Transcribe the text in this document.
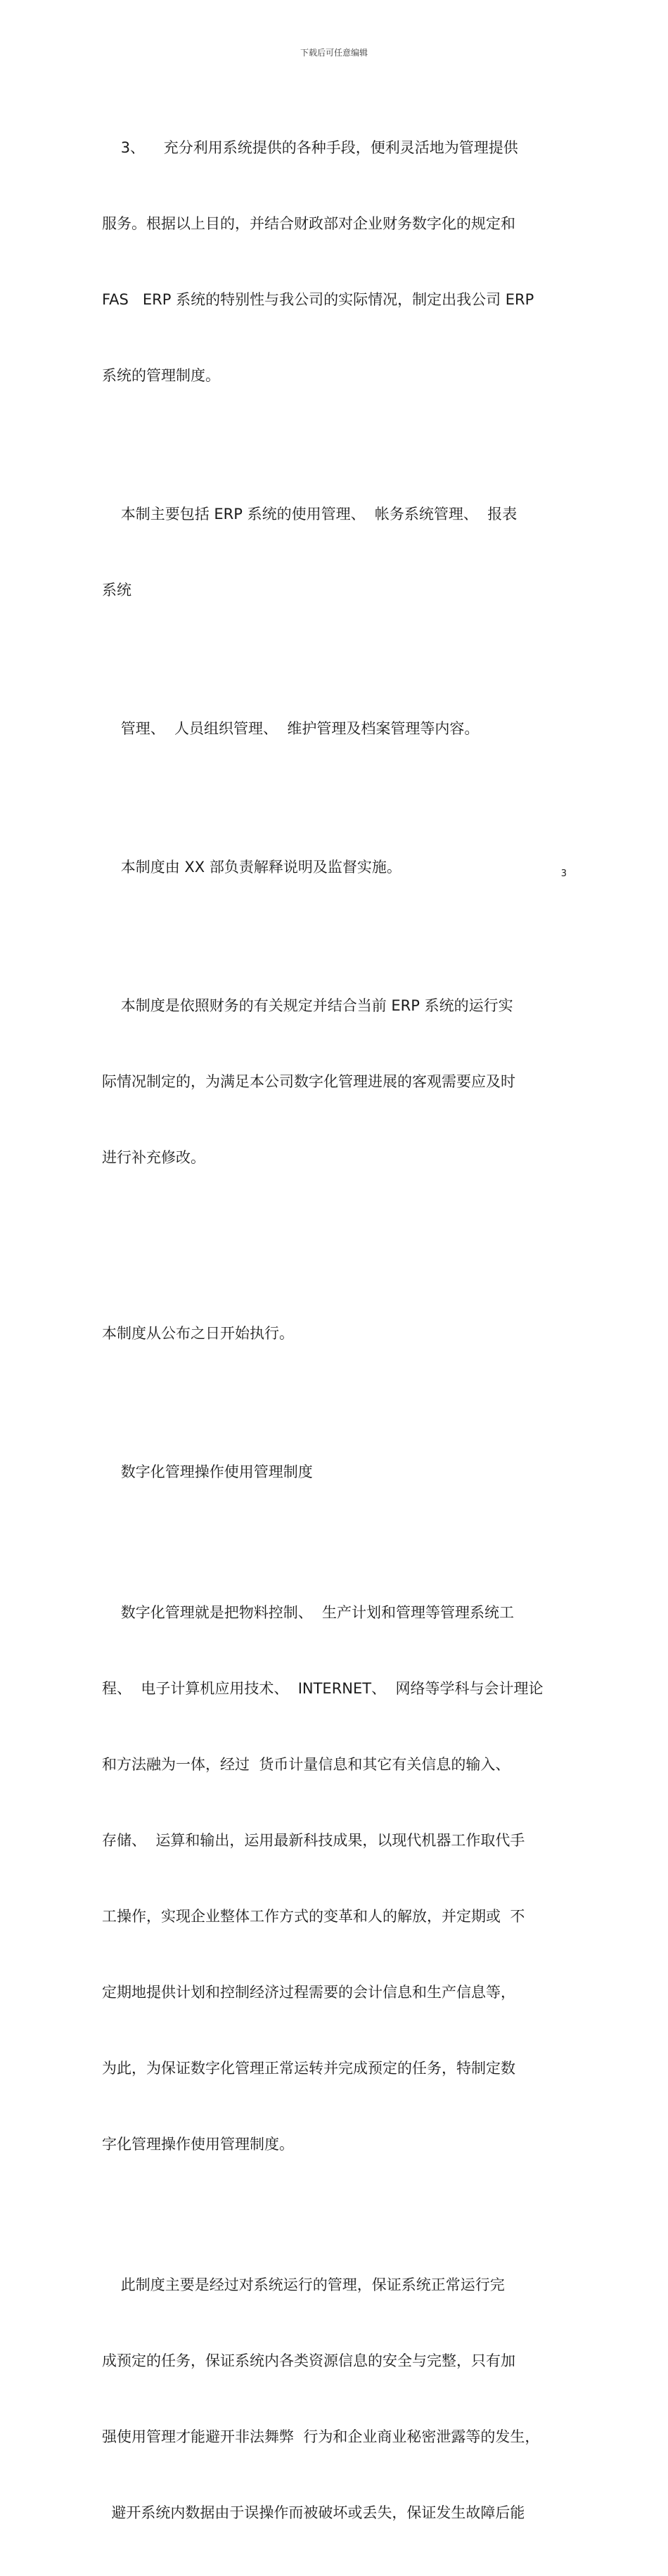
下载后可任意编辑

3、    充分利用系统提供的各种手段，便利灵活地为管理提供

服务。根据以上目的，并结合财政部对企业财务数字化的规定和

FAS   ERP 系统的特别性与我公司的实际情况，制定出我公司 ERP

系统的管理制度。

本制主要包括 ERP 系统的使用管理、  帐务系统管理、  报表

系统

管理、  人员组织管理、  维护管理及档案管理等内容。

本制度由 XX 部负责解释说明及监督实施。

本制度是依照财务的有关规定并结合当前 ERP 系统的运行实

际情况制定的，为满足本公司数字化管理进展的客观需要应及时

进行补充修改。

本制度从公布之日开始执行。

数字化管理操作使用管理制度

数字化管理就是把物料控制、  生产计划和管理等管理系统工

程、  电子计算机应用技术、  INTERNET、  网络等学科与会计理论

和方法融为一体，经过  货币计量信息和其它有关信息的输入、

存储、  运算和输出，运用最新科技成果，以现代机器工作取代手

工操作，实现企业整体工作方式的变革和人的解放，并定期或  不

定期地提供计划和控制经济过程需要的会计信息和生产信息等，

为此，为保证数字化管理正常运转并完成预定的任务，特制定数

字化管理操作使用管理制度。

此制度主要是经过对系统运行的管理，保证系统正常运行完

成预定的任务，保证系统内各类资源信息的安全与完整，只有加

强使用管理才能避开非法舞弊  行为和企业商业秘密泄露等的发生，

避开系统内数据由于误操作而被破坏或丢失，保证发生故障后能

3
